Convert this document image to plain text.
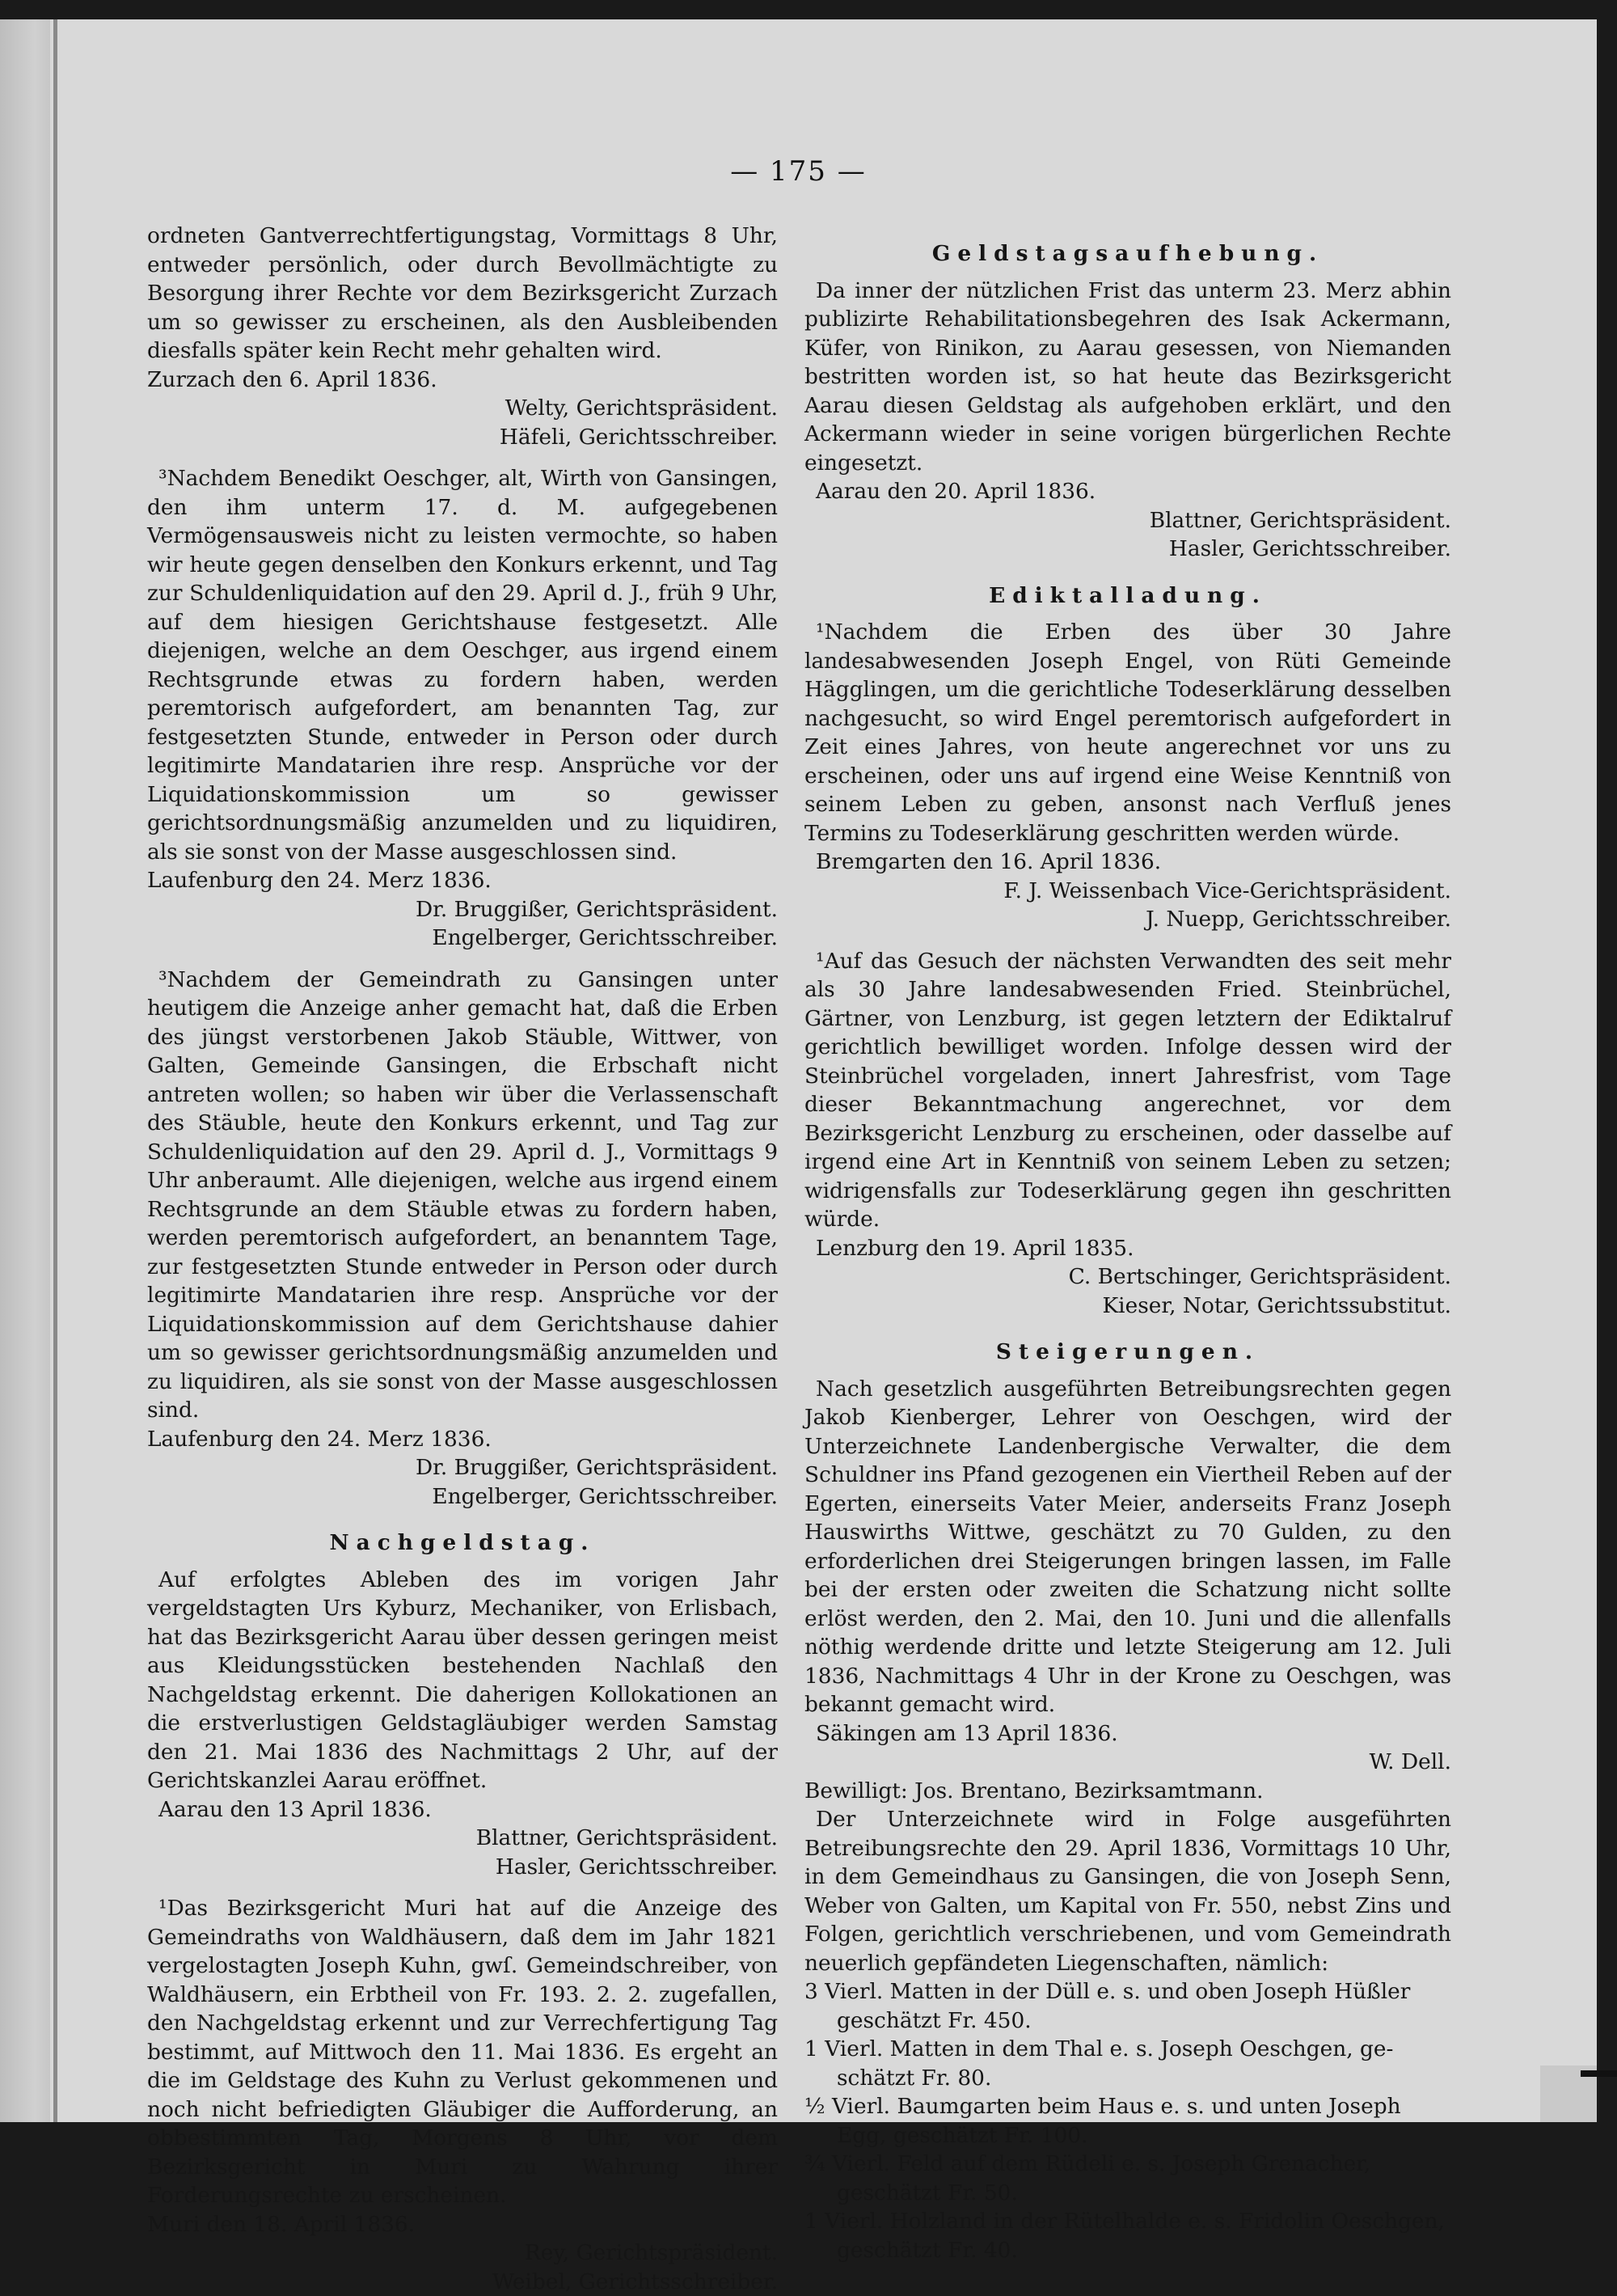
— 175 —

ordneten Gantverrechtfertigungstag, Vormittags 8 Uhr, entweder persönlich, oder durch Bevollmächtigte zu Besorgung ihrer Rechte vor dem Bezirksgericht Zurzach um so gewisser zu erscheinen, als den Ausbleibenden diesfalls später kein Recht mehr gehalten wird.

Zurzach den 6. April 1836.

Welty, Gerichtspräsident.

Häfeli, Gerichtsschreiber.

³Nachdem Benedikt Oeschger, alt, Wirth von Gansingen, den ihm unterm 17. d. M. aufgegebenen Vermögensausweis nicht zu leisten vermochte, so haben wir heute gegen denselben den Konkurs erkennt, und Tag zur Schuldenliquidation auf den 29. April d. J., früh 9 Uhr, auf dem hiesigen Gerichtshause festgesetzt. Alle diejenigen, welche an dem Oeschger, aus irgend einem Rechtsgrunde etwas zu fordern haben, werden peremtorisch aufgefordert, am benannten Tag, zur festgesetzten Stunde, entweder in Person oder durch legitimirte Mandatarien ihre resp. Ansprüche vor der Liquidationskommission um so gewisser gerichtsordnungsmäßig anzumelden und zu liquidiren, als sie sonst von der Masse ausgeschlossen sind.

Laufenburg den 24. Merz 1836.

Dr. Bruggißer, Gerichtspräsident.

Engelberger, Gerichtsschreiber.

³Nachdem der Gemeindrath zu Gansingen unter heutigem die Anzeige anher gemacht hat, daß die Erben des jüngst verstorbenen Jakob Stäuble, Wittwer, von Galten, Gemeinde Gansingen, die Erbschaft nicht antreten wollen; so haben wir über die Verlassenschaft des Stäuble, heute den Konkurs erkennt, und Tag zur Schuldenliquidation auf den 29. April d. J., Vormittags 9 Uhr anberaumt. Alle diejenigen, welche aus irgend einem Rechtsgrunde an dem Stäuble etwas zu fordern haben, werden peremtorisch aufgefordert, an benanntem Tage, zur festgesetzten Stunde entweder in Person oder durch legitimirte Mandatarien ihre resp. Ansprüche vor der Liquidationskommission auf dem Gerichtshause dahier um so gewisser gerichtsordnungsmäßig anzumelden und zu liquidiren, als sie sonst von der Masse ausgeschlossen sind.

Laufenburg den 24. Merz 1836.

Dr. Bruggißer, Gerichtspräsident.

Engelberger, Gerichtsschreiber.

Nachgeldstag.

Auf erfolgtes Ableben des im vorigen Jahr vergeldstagten Urs Kyburz, Mechaniker, von Erlisbach, hat das Bezirksgericht Aarau über dessen geringen meist aus Kleidungsstücken bestehenden Nachlaß den Nachgeldstag erkennt. Die daherigen Kollokationen an die erstverlustigen Geldstagläubiger werden Samstag den 21. Mai 1836 des Nachmittags 2 Uhr, auf der Gerichtskanzlei Aarau eröffnet.

Aarau den 13 April 1836.

Blattner, Gerichtspräsident.

Hasler, Gerichtsschreiber.

¹Das Bezirksgericht Muri hat auf die Anzeige des Gemeindraths von Waldhäusern, daß dem im Jahr 1821 vergelostagten Joseph Kuhn, gwſ. Gemeindschreiber, von Waldhäusern, ein Erbtheil von Fr. 193. 2. 2. zugefallen, den Nachgeldstag erkennt und zur Verrechfertigung Tag bestimmt, auf Mittwoch den 11. Mai 1836. Es ergeht an die im Geldstage des Kuhn zu Verlust gekommenen und noch nicht befriedigten Gläubiger die Aufforderung, an obbestimmten Tag, Morgens 8 Uhr, vor dem Bezirksgericht in Muri zu Wahrung ihrer Forderungsrechte zu erscheinen.

Muri den 18. April 1836.

Rey, Gerichtspräsident.

Weibel, Gerichtsschreiber.

Geldstagsaufhebung.

Da inner der nützlichen Frist das unterm 23. Merz abhin publizirte Rehabilitationsbegehren des Isak Ackermann, Küfer, von Rinikon, zu Aarau gesessen, von Niemanden bestritten worden ist, so hat heute das Bezirksgericht Aarau diesen Geldstag als aufgehoben erklärt, und den Ackermann wieder in seine vorigen bürgerlichen Rechte eingesetzt.

Aarau den 20. April 1836.

Blattner, Gerichtspräsident.

Hasler, Gerichtsschreiber.

Ediktalladung.

¹Nachdem die Erben des über 30 Jahre landesabwesenden Joseph Engel, von Rüti Gemeinde Hägglingen, um die gerichtliche Todeserklärung desselben nachgesucht, so wird Engel peremtorisch aufgefordert in Zeit eines Jahres, von heute angerechnet vor uns zu erscheinen, oder uns auf irgend eine Weise Kenntniß von seinem Leben zu geben, ansonst nach Verfluß jenes Termins zu Todeserklärung geschritten werden würde.

Bremgarten den 16. April 1836.

F. J. Weissenbach Vice-Gerichtspräsident.

J. Nuepp, Gerichtsschreiber.

¹Auf das Gesuch der nächsten Verwandten des seit mehr als 30 Jahre landesabwesenden Fried. Steinbrüchel, Gärtner, von Lenzburg, ist gegen letztern der Ediktalruf gerichtlich bewilliget worden. Infolge dessen wird der Steinbrüchel vorgeladen, innert Jahresfrist, vom Tage dieser Bekanntmachung angerechnet, vor dem Bezirksgericht Lenzburg zu erscheinen, oder dasselbe auf irgend eine Art in Kenntniß von seinem Leben zu setzen; widrigensfalls zur Todeserklärung gegen ihn geschritten würde.

Lenzburg den 19. April 1835.

C. Bertschinger, Gerichtspräsident.

Kieser, Notar, Gerichtssubstitut.

Steigerungen.

Nach gesetzlich ausgeführten Betreibungsrechten gegen Jakob Kienberger, Lehrer von Oeschgen, wird der Unterzeichnete Landenbergische Verwalter, die dem Schuldner ins Pfand gezogenen ein Viertheil Reben auf der Egerten, einerseits Vater Meier, anderseits Franz Joseph Hauswirths Wittwe, geschätzt zu 70 Gulden, zu den erforderlichen drei Steigerungen bringen lassen, im Falle bei der ersten oder zweiten die Schatzung nicht sollte erlöst werden, den 2. Mai, den 10. Juni und die allenfalls nöthig werdende dritte und letzte Steigerung am 12. Juli 1836, Nachmittags 4 Uhr in der Krone zu Oeschgen, was bekannt gemacht wird.

Säkingen am 13 April 1836.

W. Dell.

Bewilligt: Jos. Brentano, Bezirksamtmann.

Der Unterzeichnete wird in Folge ausgeführten Betreibungsrechte den 29. April 1836, Vormittags 10 Uhr, in dem Gemeindhaus zu Gansingen, die von Joseph Senn, Weber von Galten, um Kapital von Fr. 550, nebst Zins und Folgen, gerichtlich verschriebenen, und vom Gemeindrath neuerlich gepfändeten Liegenschaften, nämlich:

3 Vierl. Matten in der Düll e. s. und oben Joseph Hüßler

geschätzt Fr. 450.

1 Vierl. Matten in dem Thal e. s. Joseph Oeschgen, ge-

schätzt Fr. 80.

½ Vierl. Baumgarten beim Haus e. s. und unten Joseph

Egg, geschätzt Fr. 100.

¾ Vierl. Feld auf dem Rüdeli e. s. Joseph Grenacher,

geschätzt Fr. 50.

1 Vierl. Holzland in der Rütelhalde e. s. Fridolin Oeschgen,

geschätzt Fr. 40.
